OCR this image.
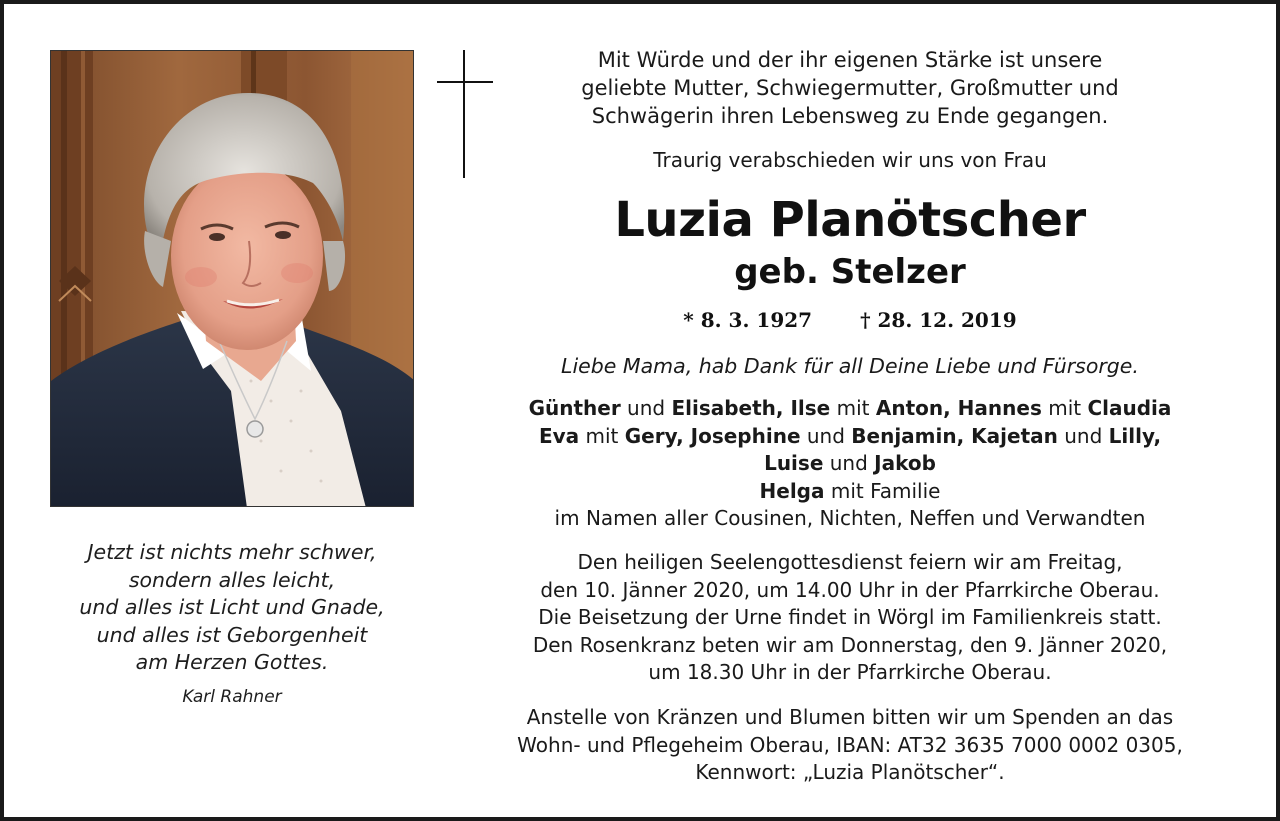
Mit Würde und der ihr eigenen Stärke ist unsere
geliebte Mutter, Schwiegermutter, Großmutter und
Schwägerin ihren Lebensweg zu Ende gegangen.
Traurig verabschieden wir uns von Frau
Luzia Planötscher
geb. Stelzer
* 8. 3. 1927 † 28. 12. 2019
Liebe Mama, hab Dank für all Deine Liebe und Fürsorge.
Günther und Elisabeth, Ilse mit Anton, Hannes mit Claudia
Eva mit Gery, Josephine und Benjamin, Kajetan und Lilly,
Luise und Jakob
Helga mit Familie
im Namen aller Cousinen, Nichten, Neffen und Verwandten
Den heiligen Seelengottesdienst feiern wir am Freitag,
den 10. Jänner 2020, um 14.00 Uhr in der Pfarrkirche Oberau.
Die Beisetzung der Urne findet in Wörgl im Familienkreis statt.
Den Rosenkranz beten wir am Donnerstag, den 9. Jänner 2020,
um 18.30 Uhr in der Pfarrkirche Oberau.
Anstelle von Kränzen und Blumen bitten wir um Spenden an das
Wohn- und Pflegeheim Oberau, IBAN: AT32 3635 7000 0002 0305,
Kennwort: „Luzia Planötscher“.
Jetzt ist nichts mehr schwer,
sondern alles leicht,
und alles ist Licht und Gnade,
und alles ist Geborgenheit
am Herzen Gottes.
Karl Rahner
